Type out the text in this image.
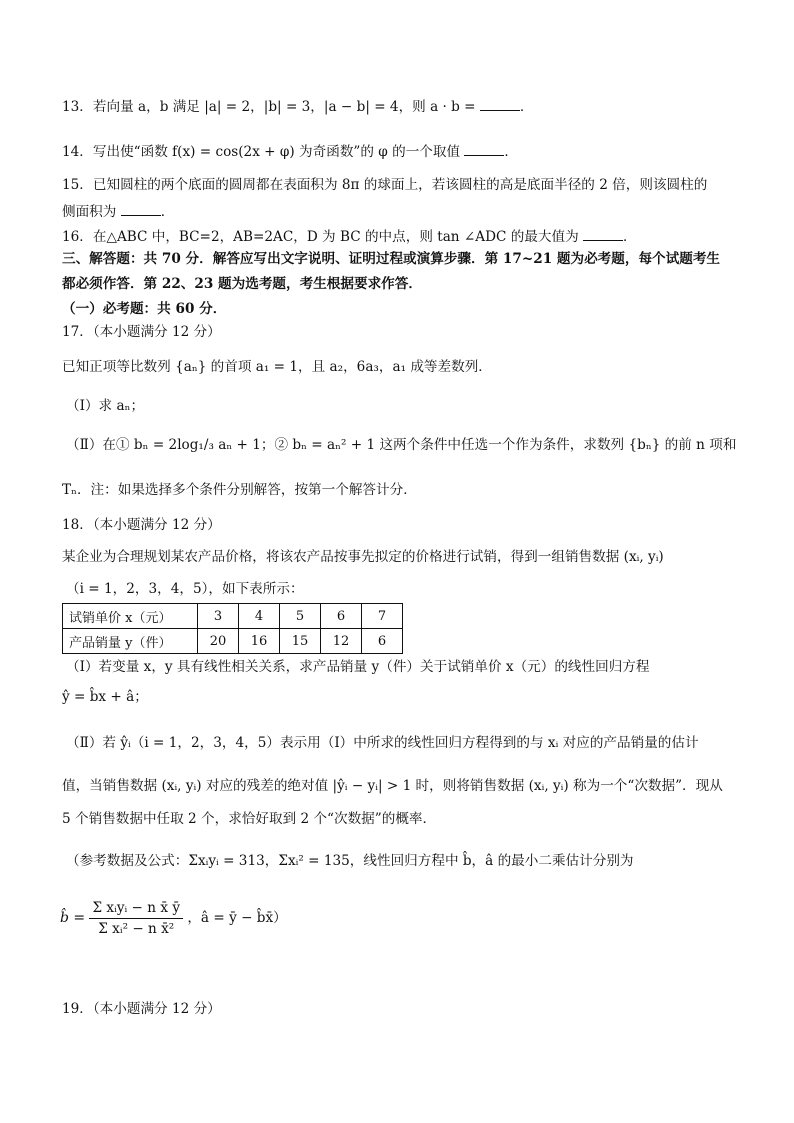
13．若向量 a，b 满足 |a| = 2，|b| = 3，|a − b| = 4，则 a · b =	．
14．写出使“函数 f(x) = cos(2x + φ) 为奇函数”的 φ 的一个取值	．
15．已知圆柱的两个底面的圆周都在表面积为 8π 的球面上，若该圆柱的高是底面半径的 2 倍，则该圆柱的
侧面积为	．
16．在△ABC 中，BC=2，AB=2AC，D 为 BC 的中点，则 tan ∠ADC 的最大值为	．
三、解答题：共 70 分．解答应写出文字说明、证明过程或演算步骤．第 17~21 题为必考题，每个试题考生
都必须作答．第 22、23 题为选考题，考生根据要求作答．
（一）必考题：共 60 分．
17．（本小题满分 12 分）
已知正项等比数列 {aₙ} 的首项 a₁ = 1，且 a₂，6a₃，a₁ 成等差数列．
（Ⅰ）求 aₙ；
（Ⅱ）在① bₙ = 2log₁/₃ aₙ + 1；② bₙ = aₙ² + 1 这两个条件中任选一个作为条件，求数列 {bₙ} 的前 n 项和
Tₙ．注：如果选择多个条件分别解答，按第一个解答计分．
18．（本小题满分 12 分）
某企业为合理规划某农产品价格，将该农产品按事先拟定的价格进行试销，得到一组销售数据 (xᵢ, yᵢ)
（i = 1，2，3，4，5），如下表所示：
试销单价 x（元）	3	4	5	6	7
产品销量 y（件）	20	16	15	12	6
（Ⅰ）若变量 x，y 具有线性相关关系，求产品销量 y（件）关于试销单价 x（元）的线性回归方程
ŷ = b̂x + â；
（Ⅱ）若 ŷᵢ（i = 1，2，3，4，5）表示用（Ⅰ）中所求的线性回归方程得到的与 xᵢ 对应的产品销量的估计
值，当销售数据 (xᵢ, yᵢ) 对应的残差的绝对值 |ŷᵢ − yᵢ| > 1 时，则将销售数据 (xᵢ, yᵢ) 称为一个“次数据”．现从
5 个销售数据中任取 2 个，求恰好取到 2 个“次数据”的概率．
（参考数据及公式：Σxᵢyᵢ = 313，Σxᵢ² = 135，线性回归方程中 b̂，â 的最小二乘估计分别为
b̂ = $\frac{\text{Σ xᵢyᵢ − n x̄ ȳ}}{\text{Σ xᵢ² − n x̄²}}$ ，â = ȳ − b̂x̄）
19．（本小题满分 12 分）
